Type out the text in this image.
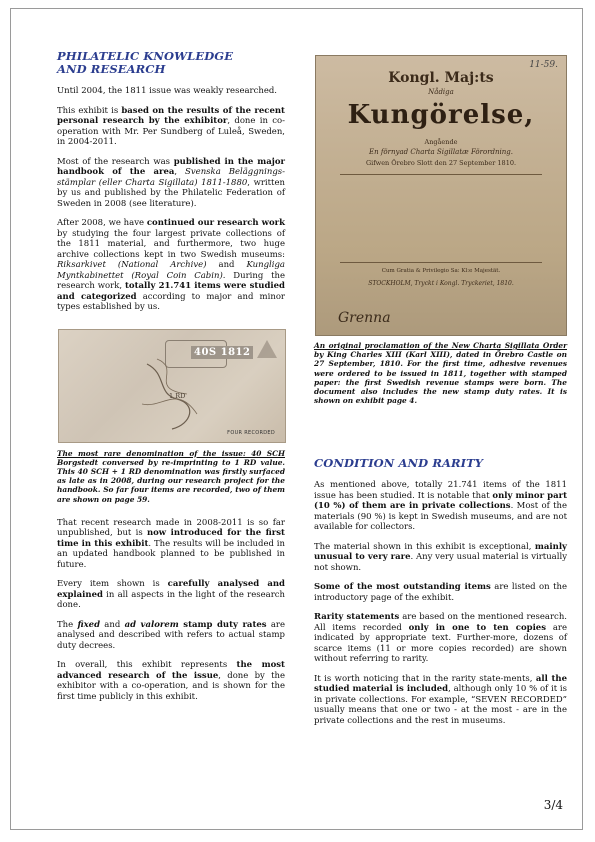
PHILATELIC KNOWLEDGE
AND RESEARCH

Until 2004, the 1811 issue was weakly researched.

This exhibit is based on the results of the recent personal research by the exhibitor, done in co-operation with Mr. Per Sundberg of Luleå, Sweden, in 2004-2011.

Most of the research was published in the major handbook of the area, Svenska Beläggnings-stämplar (eller Charta Sigillata) 1811-1880, written by us and published by the Philatelic Federation of Sweden in 2008 (see literature).

After 2008, we have continued our research work by studying the four largest private collections of the 1811 material, and furthermore, two huge archive collections kept in two Swedish museums: Riksarkivet (National Archive) and Kungliga Myntkabinettet (Royal Coin Cabin). During the research work, totally 21.741 items were studied and categorized according to major and minor types established by us.

40S 1812
1 RD
FOUR RECORDED

The most rare denomination of the issue: 40 SCH Borgstedt conversed by re-imprinting to 1 RD value. This 40 SCH + 1 RD denomination was firstly surfaced as late as in 2008, during our research project for the handbook. So far four items are recorded, two of them are shown on page 59.

That recent research made in 2008-2011 is so far unpublished, but is now introduced for the first time in this exhibit. The results will be included in an updated handbook planned to be published in future.

Every item shown is carefully analysed and explained in all aspects in the light of the research done.

The fixed and ad valorem stamp duty rates are analysed and described with refers to actual stamp duty decrees.

In overall, this exhibit represents the most advanced research of the issue, done by the exhibitor with a co-operation, and is shown for the first time publicly in this exhibit.

11-59.
Kongl. Maj:ts
Nådiga
Kungörelse,
Angående
En förnyad Charta Sigillatæ Förordning.
Gifwen Örebro Slott den 27 September 1810.
Cum Gratia & Privilegio Sa: Kl:e Majestät.
STOCKHOLM, Tryckt i Kongl. Tryckeriet, 1810.
Grenna

An original proclamation of the New Charta Sigillata Order by King Charles XIII (Karl XIII), dated in Örebro Castle on 27 September, 1810. For the first time, adhesive revenues were ordered to be issued in 1811, together with stamped paper: the first Swedish revenue stamps were born. The document also includes the new stamp duty rates. It is shown on exhibit page 4.

CONDITION AND RARITY

As mentioned above, totally 21.741 items of the 1811 issue has been studied. It is notable that only minor part (10 %) of them are in private collections. Most of the materials (90 %) is kept in Swedish museums, and are not available for collectors.

The material shown in this exhibit is exceptional, mainly unusual to very rare. Any very usual material is virtually not shown.

Some of the most outstanding items are listed on the introductory page of the exhibit.

Rarity statements are based on the mentioned research. All items recorded only in one to ten copies are indicated by appropriate text. Further-more, dozens of scarce items (11 or more copies recorded) are shown without referring to rarity.

It is worth noticing that in the rarity state-ments, all the studied material is included, although only 10 % of it is in private collections. For example, “SEVEN RECORDED” usually means that one or two - at the most - are in the private collections and the rest in museums.

3/4
